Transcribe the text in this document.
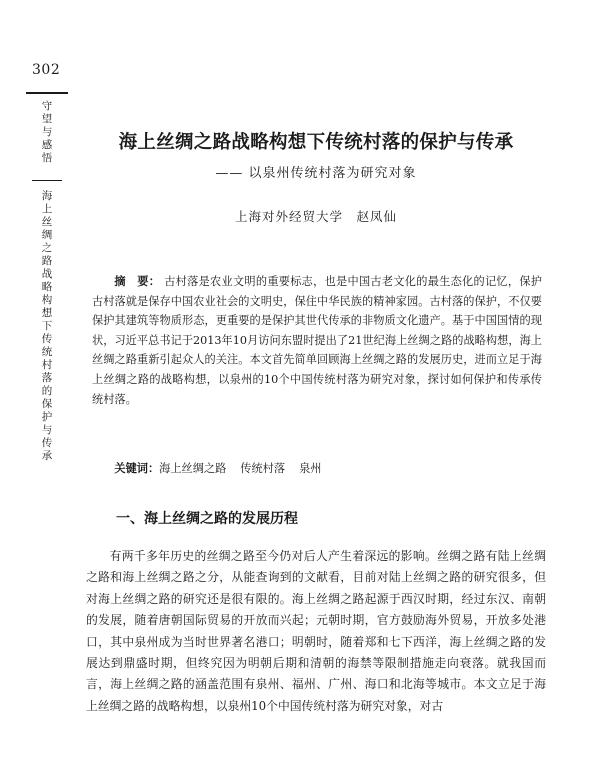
302
守
望
与
感
悟
海
上
丝
绸
之
路
战
略
构
想
下
传
统
村
落
的
保
护
与
传
承
海上丝绸之路战略构想下传统村落的保护与传承
—— 以泉州传统村落为研究对象
上海对外经贸大学　赵凤仙
摘　要： 古村落是农业文明的重要标志，也是中国古老文化的最生态化的记忆，保护古村落就是保存中国农业社会的文明史，保住中华民族的精神家园。古村落的保护，不仅要保护其建筑等物质形态，更重要的是保护其世代传承的非物质文化遗产。基于中国国情的现状，习近平总书记于2013年10月访问东盟时提出了21世纪海上丝绸之路的战略构想，海上丝绸之路重新引起众人的关注。本文首先简单回顾海上丝绸之路的发展历史，进而立足于海上丝绸之路的战略构想，以泉州的10个中国传统村落为研究对象，探讨如何保护和传承传统村落。
关键词：海上丝绸之路 传统村落 泉州
一、海上丝绸之路的发展历程
有两千多年历史的丝绸之路至今仍对后人产生着深远的影响。丝绸之路有陆上丝绸之路和海上丝绸之路之分，从能查询到的文献看，目前对陆上丝绸之路的研究很多，但对海上丝绸之路的研究还是很有限的。海上丝绸之路起源于西汉时期，经过东汉、南朝的发展，随着唐朝国际贸易的开放而兴起；元朝时期，官方鼓励海外贸易，开放多处港口，其中泉州成为当时世界著名港口；明朝时，随着郑和七下西洋，海上丝绸之路的发展达到鼎盛时期，但终究因为明朝后期和清朝的海禁等限制措施走向衰落。就我国而言，海上丝绸之路的涵盖范围有泉州、福州、广州、海口和北海等城市。本文立足于海上丝绸之路的战略构想，以泉州10个中国传统村落为研究对象，对古
